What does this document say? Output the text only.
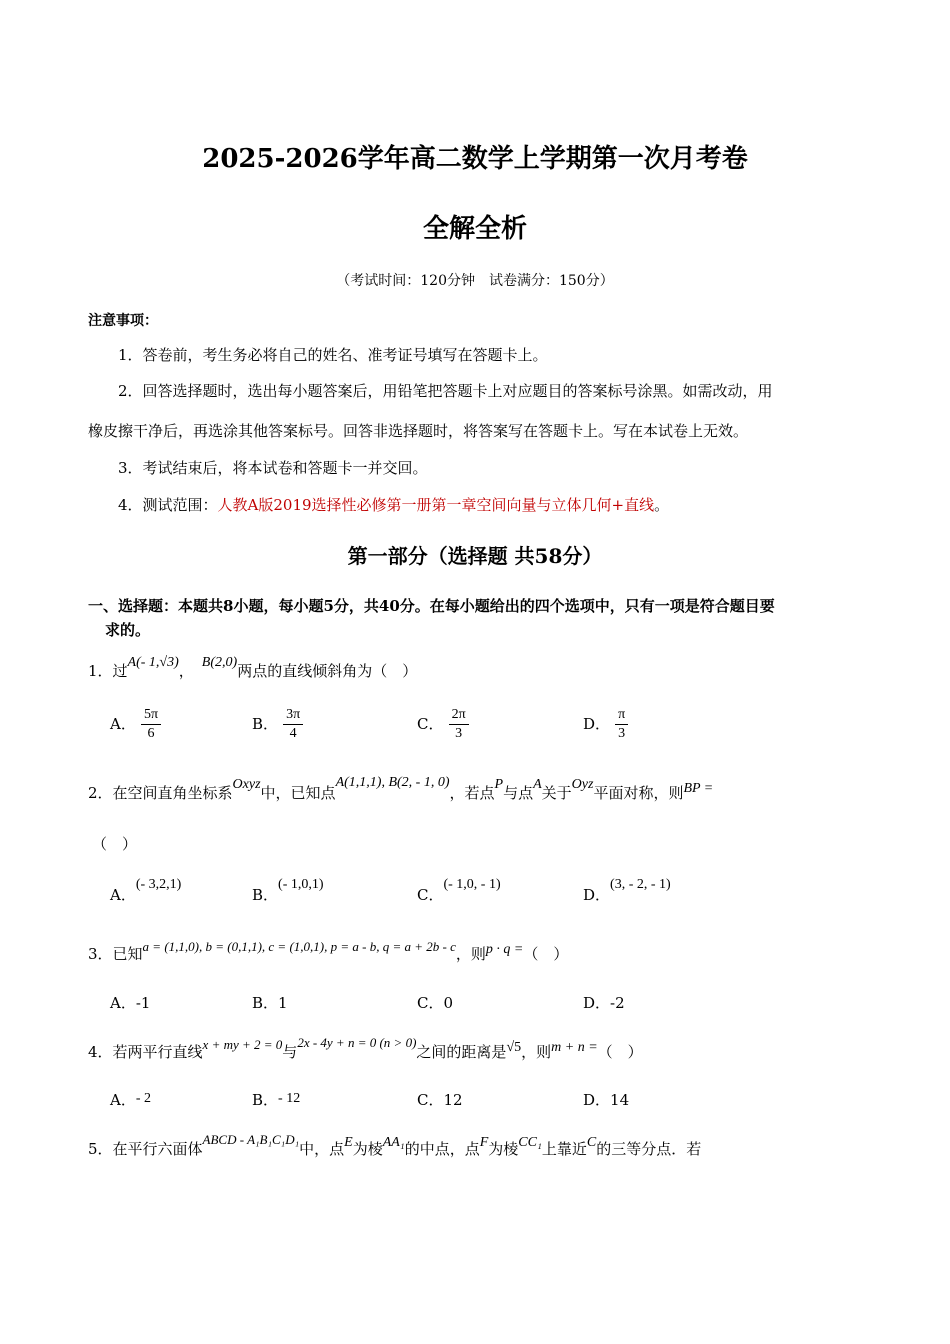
2025-2026学年高二数学上学期第一次月考卷
全解全析
（考试时间：120分钟　试卷满分：150分）
注意事项：
1．答卷前，考生务必将自己的姓名、准考证号填写在答题卡上。
2．回答选择题时，选出每小题答案后，用铅笔把答题卡上对应题目的答案标号涂黑。如需改动，用
橡皮擦干净后，再选涂其他答案标号。回答非选择题时，将答案写在答题卡上。写在本试卷上无效。
3．考试结束后，将本试卷和答题卡一并交回。
4．测试范围：人教A版2019选择性必修第一册第一章空间向量与立体几何+直线。
第一部分（选择题 共58分）
一、选择题：本题共8小题，每小题5分，共40分。在每小题给出的四个选项中，只有一项是符合题目要
求的。
1．过A(- 1,√3)， B(2,0)两点的直线倾斜角为（　）
A． $\frac{5\pi}{6}$	B． $\frac{3\pi}{4}$	C． $\frac{2\pi}{3}$	D． $\frac{\pi}{3}$
2．在空间直角坐标系Oxyz中，已知点A(1,1,1), B(2, - 1, 0)，若点P与点A关于Oyz平面对称，则BP =
（　）
A．(- 3,2,1)
B．(- 1,0,1)
C．(- 1,0, - 1)
D．(3, - 2, - 1)
3．已知a = (1,1,0), b = (0,1,1), c = (1,0,1), p = a - b, q = a + 2b - c，则p · q =（　）
A．-1	B．1	C．0	D．-2
4．若两平行直线x + my + 2 = 0与2x - 4y + n = 0 (n > 0)之间的距离是√5，则m + n =（　）
A．- 2	B．- 12	C．12	D．14
5．在平行六面体ABCD - A₁B₁C₁D₁中，点E为棱AA₁的中点，点F为棱CC₁上靠近C的三等分点．若
